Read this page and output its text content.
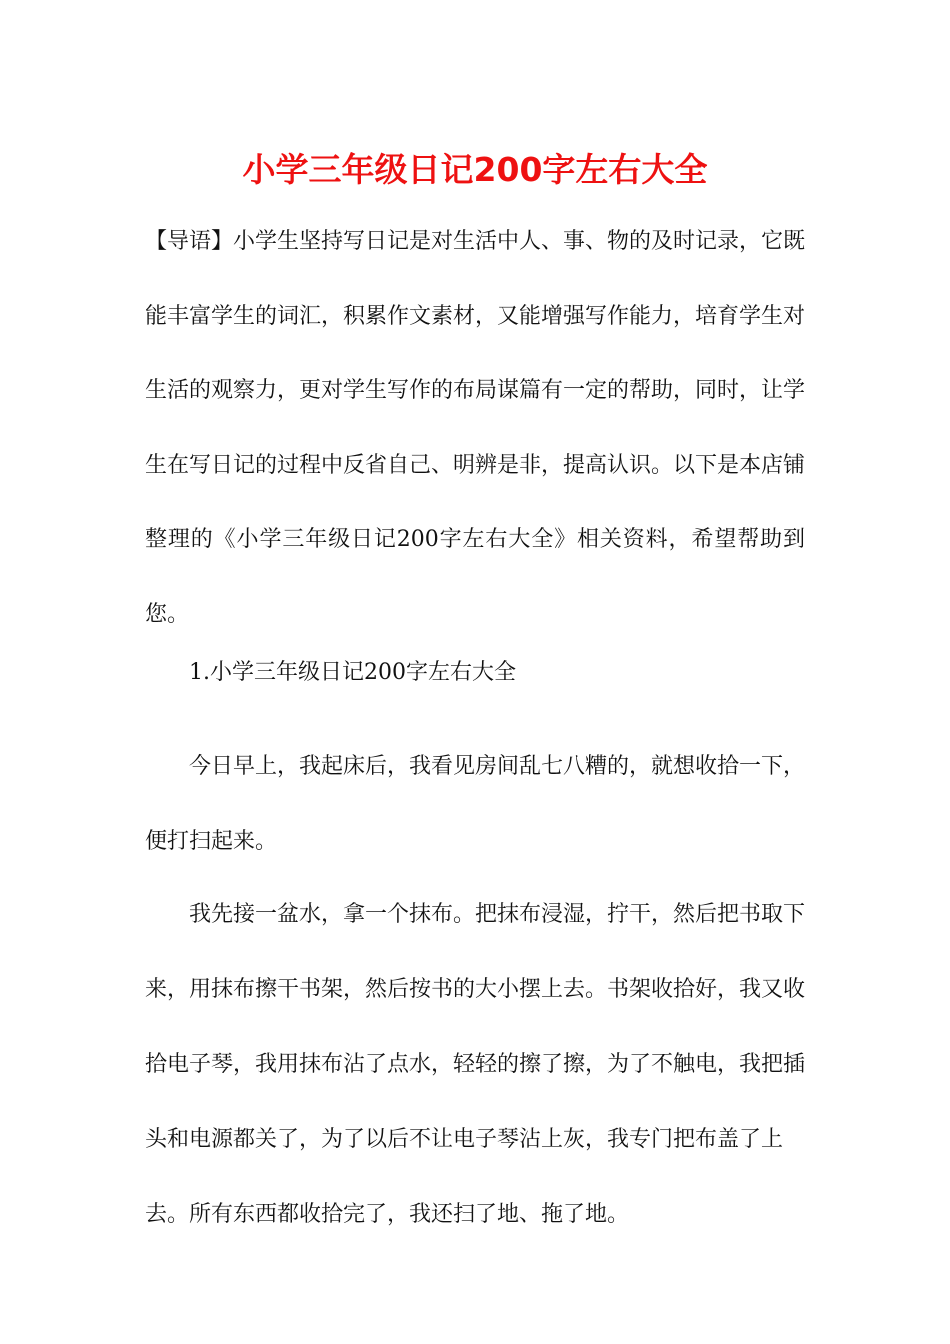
小学三年级日记200字左右大全

【导语】小学生坚持写日记是对生活中人、事、物的及时记录，它既能丰富学生的词汇，积累作文素材，又能增强写作能力，培育学生对生活的观察力，更对学生写作的布局谋篇有一定的帮助，同时，让学生在写日记的过程中反省自己、明辨是非，提高认识。以下是本店铺整理的《小学三年级日记200字左右大全》相关资料，希望帮助到您。

1.小学三年级日记200字左右大全

今日早上，我起床后，我看见房间乱七八糟的，就想收拾一下，便打扫起来。

我先接一盆水，拿一个抹布。把抹布浸湿，拧干，然后把书取下来，用抹布擦干书架，然后按书的大小摆上去。书架收拾好，我又收拾电子琴，我用抹布沾了点水，轻轻的擦了擦，为了不触电，我把插头和电源都关了，为了以后不让电子琴沾上灰，我专门把布盖了上去。所有东西都收拾完了，我还扫了地、拖了地。
